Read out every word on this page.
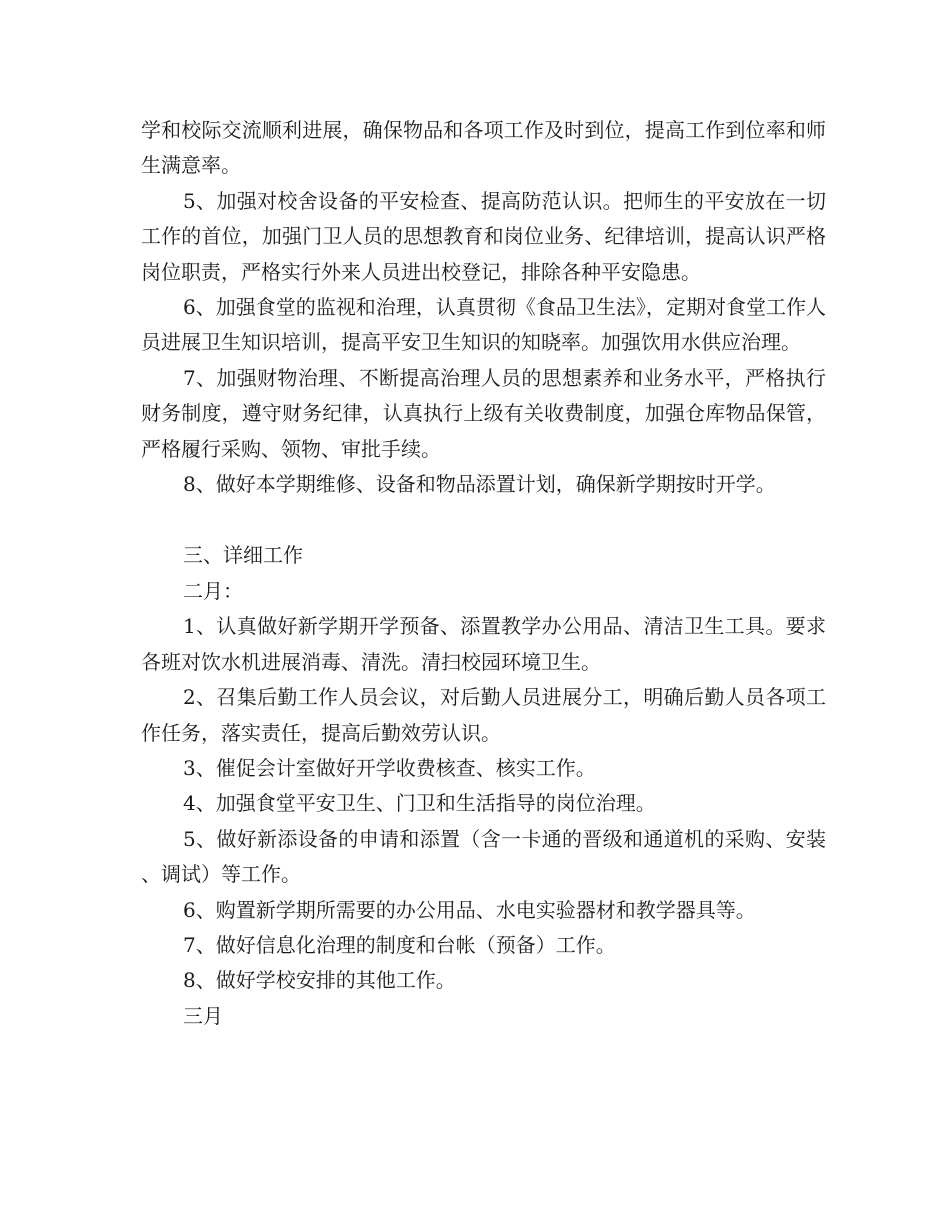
学和校际交流顺利进展，确保物品和各项工作及时到位，提高工作到位率和师生满意率。

5、加强对校舍设备的平安检查、提高防范认识。把师生的平安放在一切工作的首位，加强门卫人员的思想教育和岗位业务、纪律培训，提高认识严格岗位职责，严格实行外来人员进出校登记，排除各种平安隐患。

6、加强食堂的监视和治理，认真贯彻《食品卫生法》，定期对食堂工作人员进展卫生知识培训，提高平安卫生知识的知晓率。加强饮用水供应治理。

7、加强财物治理、不断提高治理人员的思想素养和业务水平，严格执行财务制度，遵守财务纪律，认真执行上级有关收费制度，加强仓库物品保管，严格履行采购、领物、审批手续。

8、做好本学期维修、设备和物品添置计划，确保新学期按时开学。

三、详细工作

二月：

1、认真做好新学期开学预备、添置教学办公用品、清洁卫生工具。要求各班对饮水机进展消毒、清洗。清扫校园环境卫生。

2、召集后勤工作人员会议，对后勤人员进展分工，明确后勤人员各项工作任务，落实责任，提高后勤效劳认识。

3、催促会计室做好开学收费核查、核实工作。

4、加强食堂平安卫生、门卫和生活指导的岗位治理。

5、做好新添设备的申请和添置（含一卡通的晋级和通道机的采购、安装、调试）等工作。

6、购置新学期所需要的办公用品、水电实验器材和教学器具等。

7、做好信息化治理的制度和台帐（预备）工作。

8、做好学校安排的其他工作。

三月
